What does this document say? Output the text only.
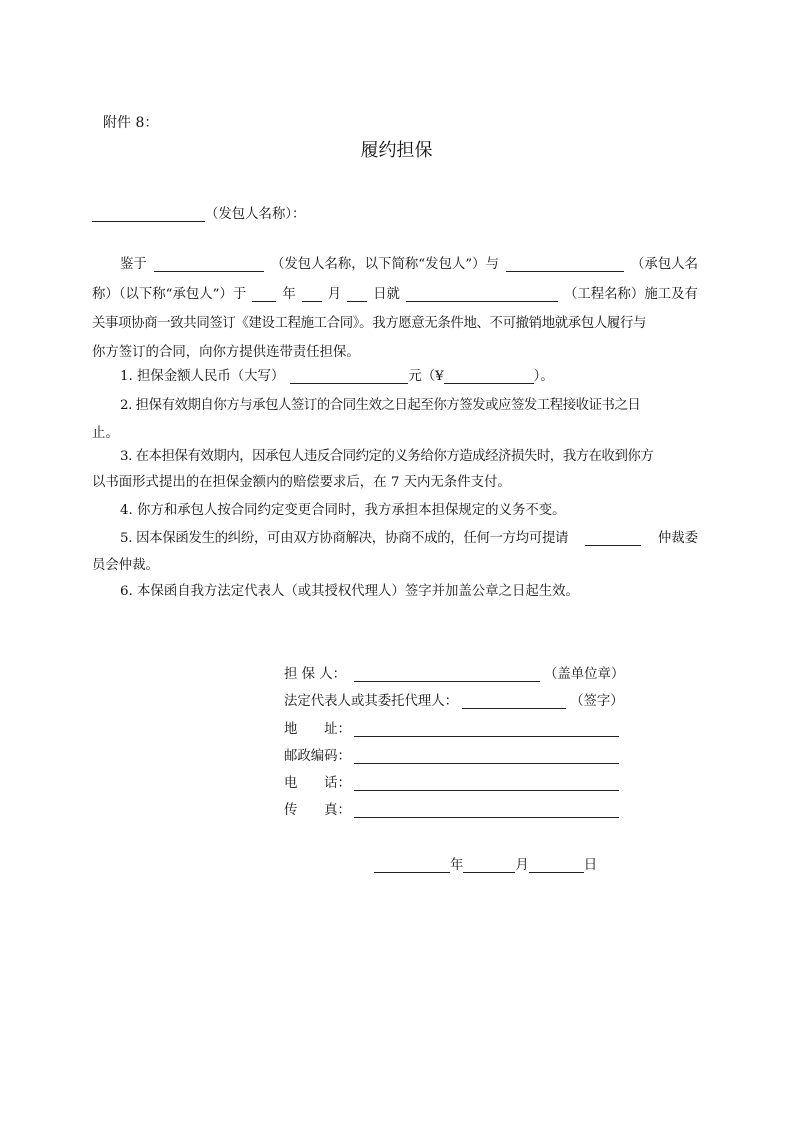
附件 8：
履约担保
（发包人名称）：
鉴于	（发包人名称，以下简称“发包人”）与	（承包人名
称）（以下称“承包人”）于	年 月 日就	（工程名称）施工及有
关事项协商一致共同签订《建设工程施工合同》。我方愿意无条件地、不可撤销地就承包人履行与
你方签订的合同，向你方提供连带责任担保。
1. 担保金额人民币（大写）	元（¥	）。
2. 担保有效期自你方与承包人签订的合同生效之日起至你方签发或应签发工程接收证书之日
止。
3. 在本担保有效期内，因承包人违反合同约定的义务给你方造成经济损失时，我方在收到你方
以书面形式提出的在担保金额内的赔偿要求后，在 7 天内无条件支付。
4. 你方和承包人按合同约定变更合同时，我方承担本担保规定的义务不变。
5. 因本保函发生的纠纷，可由双方协商解决，协商不成的，任何一方均可提请	仲裁委
员会仲裁。
6. 本保函自我方法定代表人（或其授权代理人）签字并加盖公章之日起生效。
担 保 人：	（盖单位章）
法定代表人或其委托代理人：	（签字）
地　　址：
邮政编码：
电　　话：
传　　真：
年	月	日
